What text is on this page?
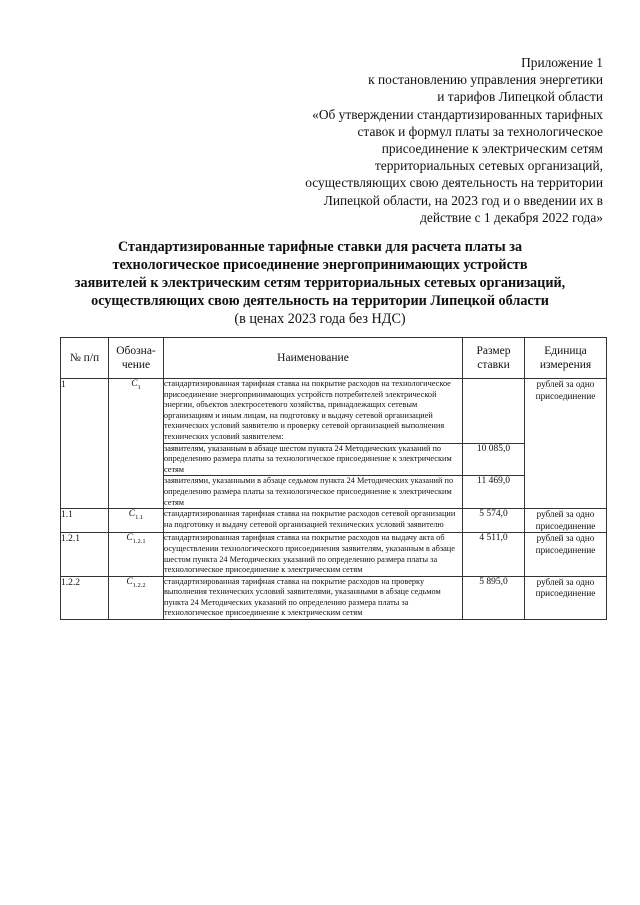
Приложение 1
к постановлению управления энергетики
и тарифов Липецкой области
«Об утверждении стандартизированных тарифных
ставок и формул платы за технологическое
присоединение к электрическим сетям
территориальных сетевых организаций,
осуществляющих свою деятельность на территории
Липецкой области, на 2023 год и о введении их в
действие с 1 декабря 2022 года»
Стандартизированные тарифные ставки для расчета платы за
технологическое присоединение энергопринимающих устройств
заявителей к электрическим сетям территориальных сетевых организаций,
осуществляющих свою деятельность на территории Липецкой области
(в ценах 2023 года без НДС)
№ п/п	Обозна-чение	Наименование	Размер ставки	Единица измерения
1	$C_1$	стандартизированная тарифная ставка на покрытие расходов на технологическое присоединение энергопринимающих устройств потребителей электрической энергии, объектов электросетевого хозяйства, принадлежащих сетевым организациям и иным лицам, на подготовку и выдачу сетевой организацией технических условий заявителю и проверку сетевой организацией выполнения технических условий заявителем:		рублей за одно присоединение
		заявителям, указанным в абзаце шестом пункта 24 Методических указаний по определению размера платы за технологическое присоединение к электрическим сетям	10 085,0	
		заявителями, указанными в абзаце седьмом пункта 24 Методических указаний по определению размера платы за технологическое присоединение к электрическим сетям	11 469,0	
1.1	$C_{1.1}$	стандартизированная тарифная ставка на покрытие расходов сетевой организации на подготовку и выдачу сетевой организацией технических условий заявителю	5 574,0	рублей за одно присоединение
1.2.1	$C_{1.2.1}$	стандартизированная тарифная ставка на покрытие расходов на выдачу акта об осуществлении технологического присоединения заявителям, указанным в абзаце шестом пункта 24 Методических указаний по определению размера платы за технологическое присоединение к электрическим сетям	4 511,0	рублей за одно присоединение
1.2.2	$C_{1.2.2}$	стандартизированная тарифная ставка на покрытие расходов на проверку выполнения технических условий заявителями, указанными в абзаце седьмом пункта 24 Методических указаний по определению размера платы за технологическое присоединение к электрическим сетям	5 895,0	рублей за одно присоединение
